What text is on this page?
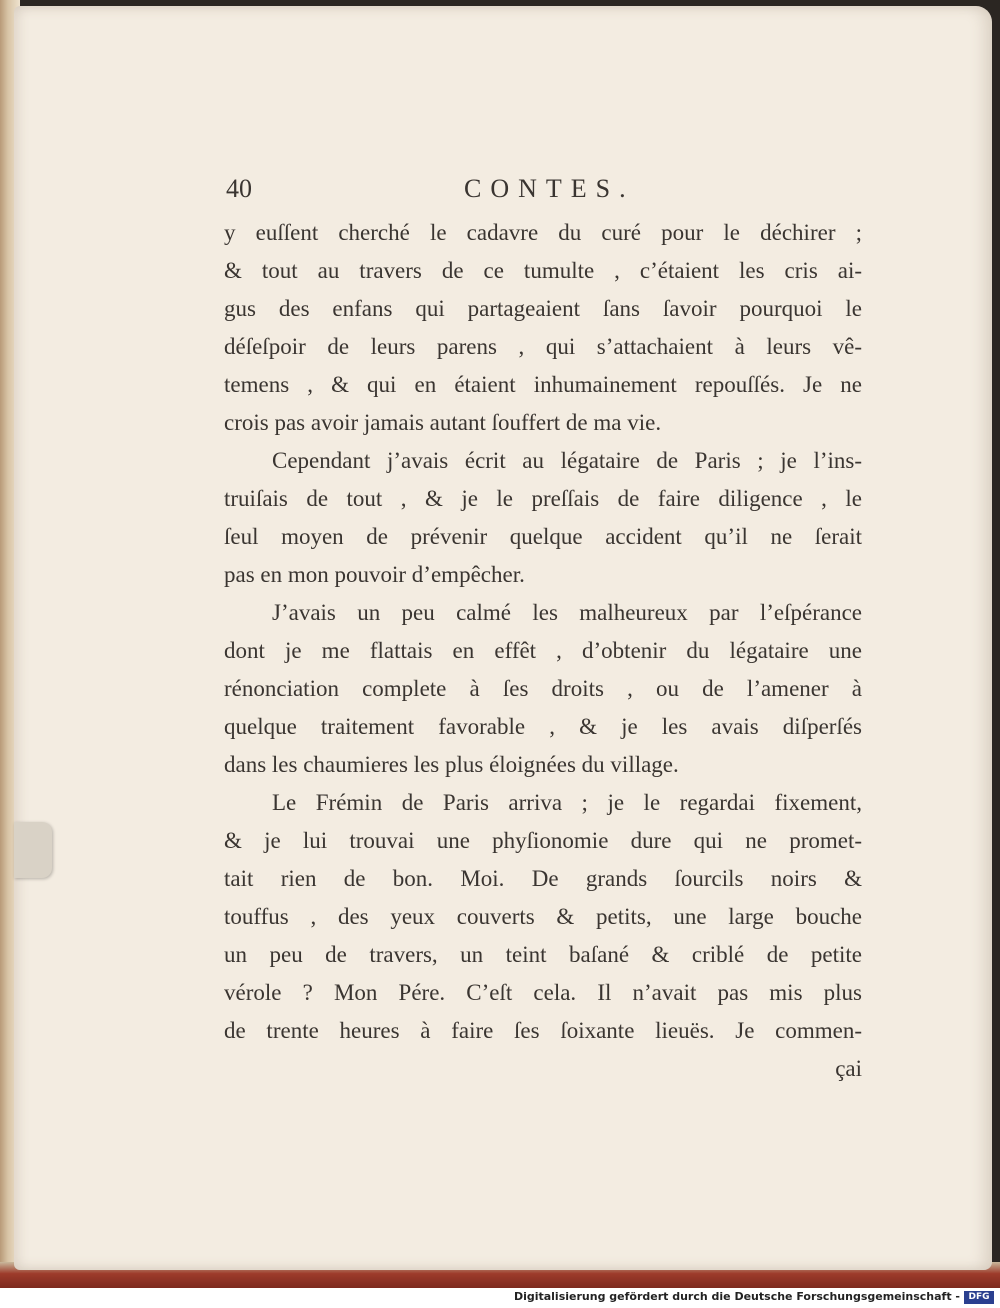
40	CONTES.
y euſſent cherché le cadavre du curé pour le déchirer ;
& tout au travers de ce tumulte , c’étaient les cris ai-
gus des enfans qui partageaient ſans ſavoir pourquoi le
déſeſpoir de leurs parens , qui s’attachaient à leurs vê-
temens , & qui en étaient inhumainement repouſſés. Je ne
crois pas avoir jamais autant ſouffert de ma vie.
Cependant j’avais écrit au légataire de Paris ; je l’ins-
truiſais de tout , & je le preſſais de faire diligence , le
ſeul moyen de prévenir quelque accident qu’il ne ſerait
pas en mon pouvoir d’empêcher.
J’avais un peu calmé les malheureux par l’eſpérance
dont je me flattais en effêt , d’obtenir du légataire une
rénonciation complete à ſes droits , ou de l’amener à
quelque traitement favorable , & je les avais diſperſés
dans les chaumieres les plus éloignées du village.
Le Frémin de Paris arriva ; je le regardai fixement,
& je lui trouvai une phyſionomie dure qui ne promet-
tait rien de bon. Moi. De grands ſourcils noirs &
touffus , des yeux couverts & petits, une large bouche
un peu de travers, un teint baſané & criblé de petite
vérole ? Mon Pére. C’eſt cela. Il n’avait pas mis plus
de trente heures à faire ſes ſoixante lieuës. Je commen-
çai
Digitalisierung gefördert durch die Deutsche Forschungsgemeinschaft - DFG
